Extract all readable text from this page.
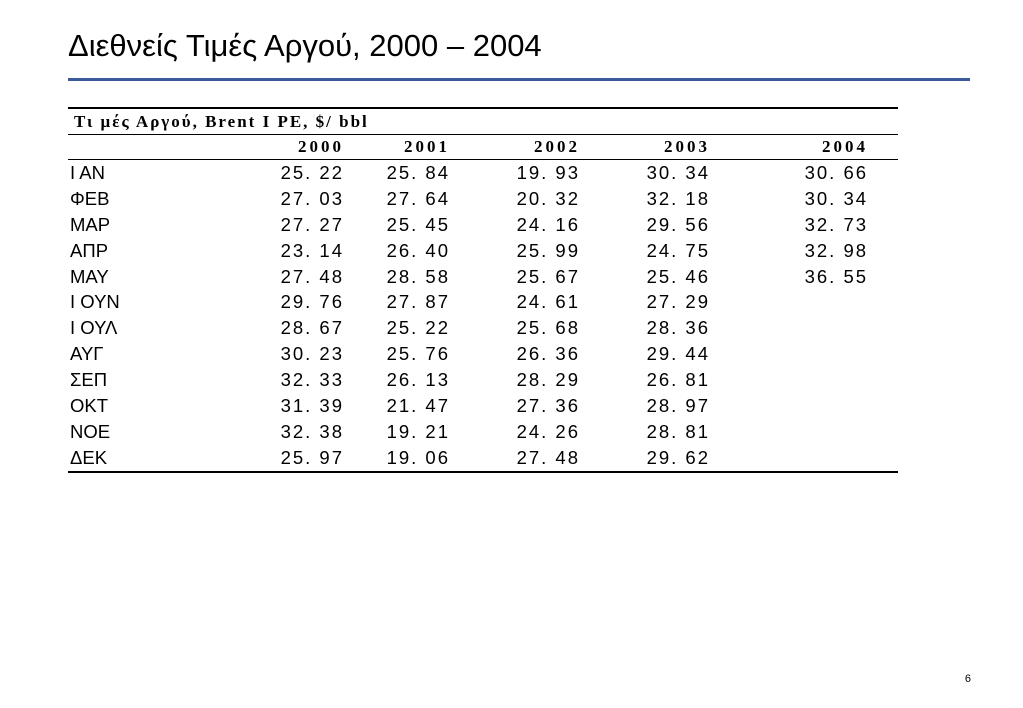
Διεθνείς Τιμές Αργού, 2000 – 2004
Τι μές Αργού, Brent I PE, $/ bbl					
	2000	2001	2002	2003	2004
Ι ΑΝ	25. 22	25. 84	19. 93	30. 34	30. 66
ΦΕΒ	27. 03	27. 64	20. 32	32. 18	30. 34
ΜΑΡ	27. 27	25. 45	24. 16	29. 56	32. 73
ΑΠΡ	23. 14	26. 40	25. 99	24. 75	32. 98
ΜΑΥ	27. 48	28. 58	25. 67	25. 46	36. 55
Ι ΟΥΝ	29. 76	27. 87	24. 61	27. 29	
Ι ΟΥΛ	28. 67	25. 22	25. 68	28. 36	
ΑΥΓ	30. 23	25. 76	26. 36	29. 44	
ΣΕΠ	32. 33	26. 13	28. 29	26. 81	
ΟΚΤ	31. 39	21. 47	27. 36	28. 97	
ΝΟΕ	32. 38	19. 21	24. 26	28. 81	
ΔΕΚ	25. 97	19. 06	27. 48	29. 62	
6
